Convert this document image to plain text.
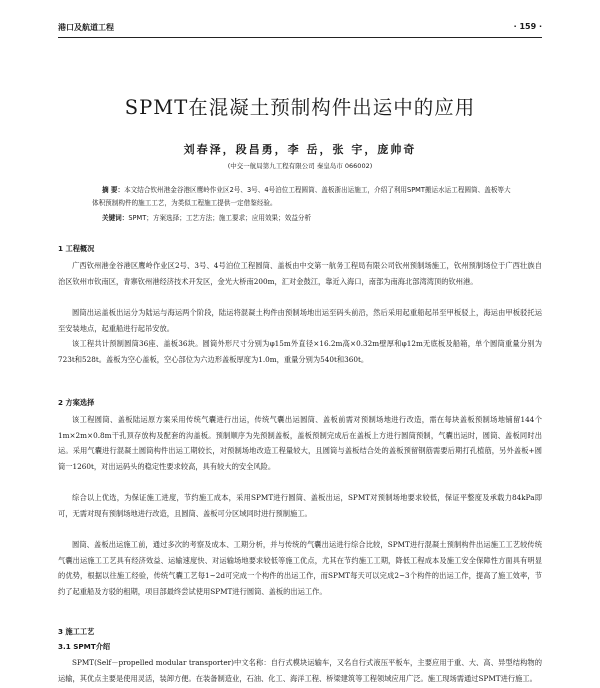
港口及航道工程	· 159 ·
SPMT在混凝土预制构件出运中的应用
刘春泽，段昌勇，李 岳，张 宇，庞帅奇
(中交一航局第九工程有限公司 秦皇岛市 066002)
摘 要：本文结合钦州港金谷港区鹰岭作业区2号、3号、4号泊位工程圆筒、盖板浙出运施工，介绍了利用SPMT搬运水运工程圆筒、盖板等大体积预制构件的施工工艺，为类似工程施工提供一定借鉴经验。
关键词：SPMT；方案选择；工艺方法；施工要求；应用效果；效益分析
1 工程概况

广西钦州港金谷港区鹰岭作业区2号、3号、4号泊位工程圆筒、盖板由中交第一航务工程局有限公司钦州预制场施工，钦州预制场位于广西壮族自治区钦州市钦南区，青寨钦州港经济技术开发区，金光大桥南200m，汇对金鼓江，靠近入海口，南部为南海北部湾湾顶的钦州港。

圆筒出运盖板出运分为陆运与海运两个阶段，陆运将混凝土构件由预制场地出运至码头前沿，然后采用起重船起吊至甲板驳上，海运由甲板驳托运至安装地点，起重船进行起吊安放。

该工程共计预制圆筒36座、盖板36块。圆筒外形尺寸分别为φ15m外直径×16.2m高×0.32m壁厚和φ12m无底板及船箱，单个圆筒重量分别为723t和528t。盖板为空心盖板，空心部位为六边形盖板厚度为1.0m，重量分别为540t和360t。

2 方案选择

该工程圆筒、盖板陆运原方案采用传统气囊进行出运，传统气囊出运圆筒、盖板前需对预制场地进行改造，需在每块盖板预制场地铺留144个1m×2m×0.8m干孔顶存放构及配套的沟盖板。预制顺序为先预制盖板，盖板预制完成后在盖板上方进行圆筒预制，气囊出运时，圆筒、盖板同时出运。采用气囊进行混凝土圆筒构件出运工期较长，对预制场地改造工程量较大，且圆筒与盖板结合处的盖板预留钢筋需要后期打孔植筋，另外盖板+圆筒一1260t，对出运码头的稳定性要求较高，具有较大的安全风险。

综合以上优选，为保证施工进度，节约施工成本，采用SPMT进行圆筒、盖板出运，SPMT对预制场地要求较低，保证平整度及承载力84kPa即可，无需对现有预制场地进行改造，且圆筒、盖板可分区域同时进行预制施工。

圆筒、盖板出运施工前，通过多次的考察及成本、工期分析，并与传统的气囊出运进行综合比较，SPMT进行混凝土预制构件出运施工工艺较传统气囊出运施工工艺具有经济效益、运输速度快、对运输场地要求较低等施工优点，尤其在节约施工工期，降低工程成本及施工安全保障性方面具有明显的优势，根据以往施工经验，传统气囊工艺每1~2d可完成一个构件的出运工作，而SPMT每天可以完成2~3个构件的出运工作，提高了施工效率，节约了起重船及方驳的租期，项目部最终尝试使用SPMT进行圆筒、盖板的出运工作。

3 施工工艺
3.1 SPMT介绍

SPMT(Self－propelled modular transporter)中文名称：自行式模块运输车，又名自行式液压平板车，主要应用于重、大、高、异型结构物的运输，其优点主要是使用灵活，装卸方便。在装备制造业，石油、化工、海洋工程、桥梁建筑等工程领域应用广泛。施工现场需通过SPMT进行施工。
